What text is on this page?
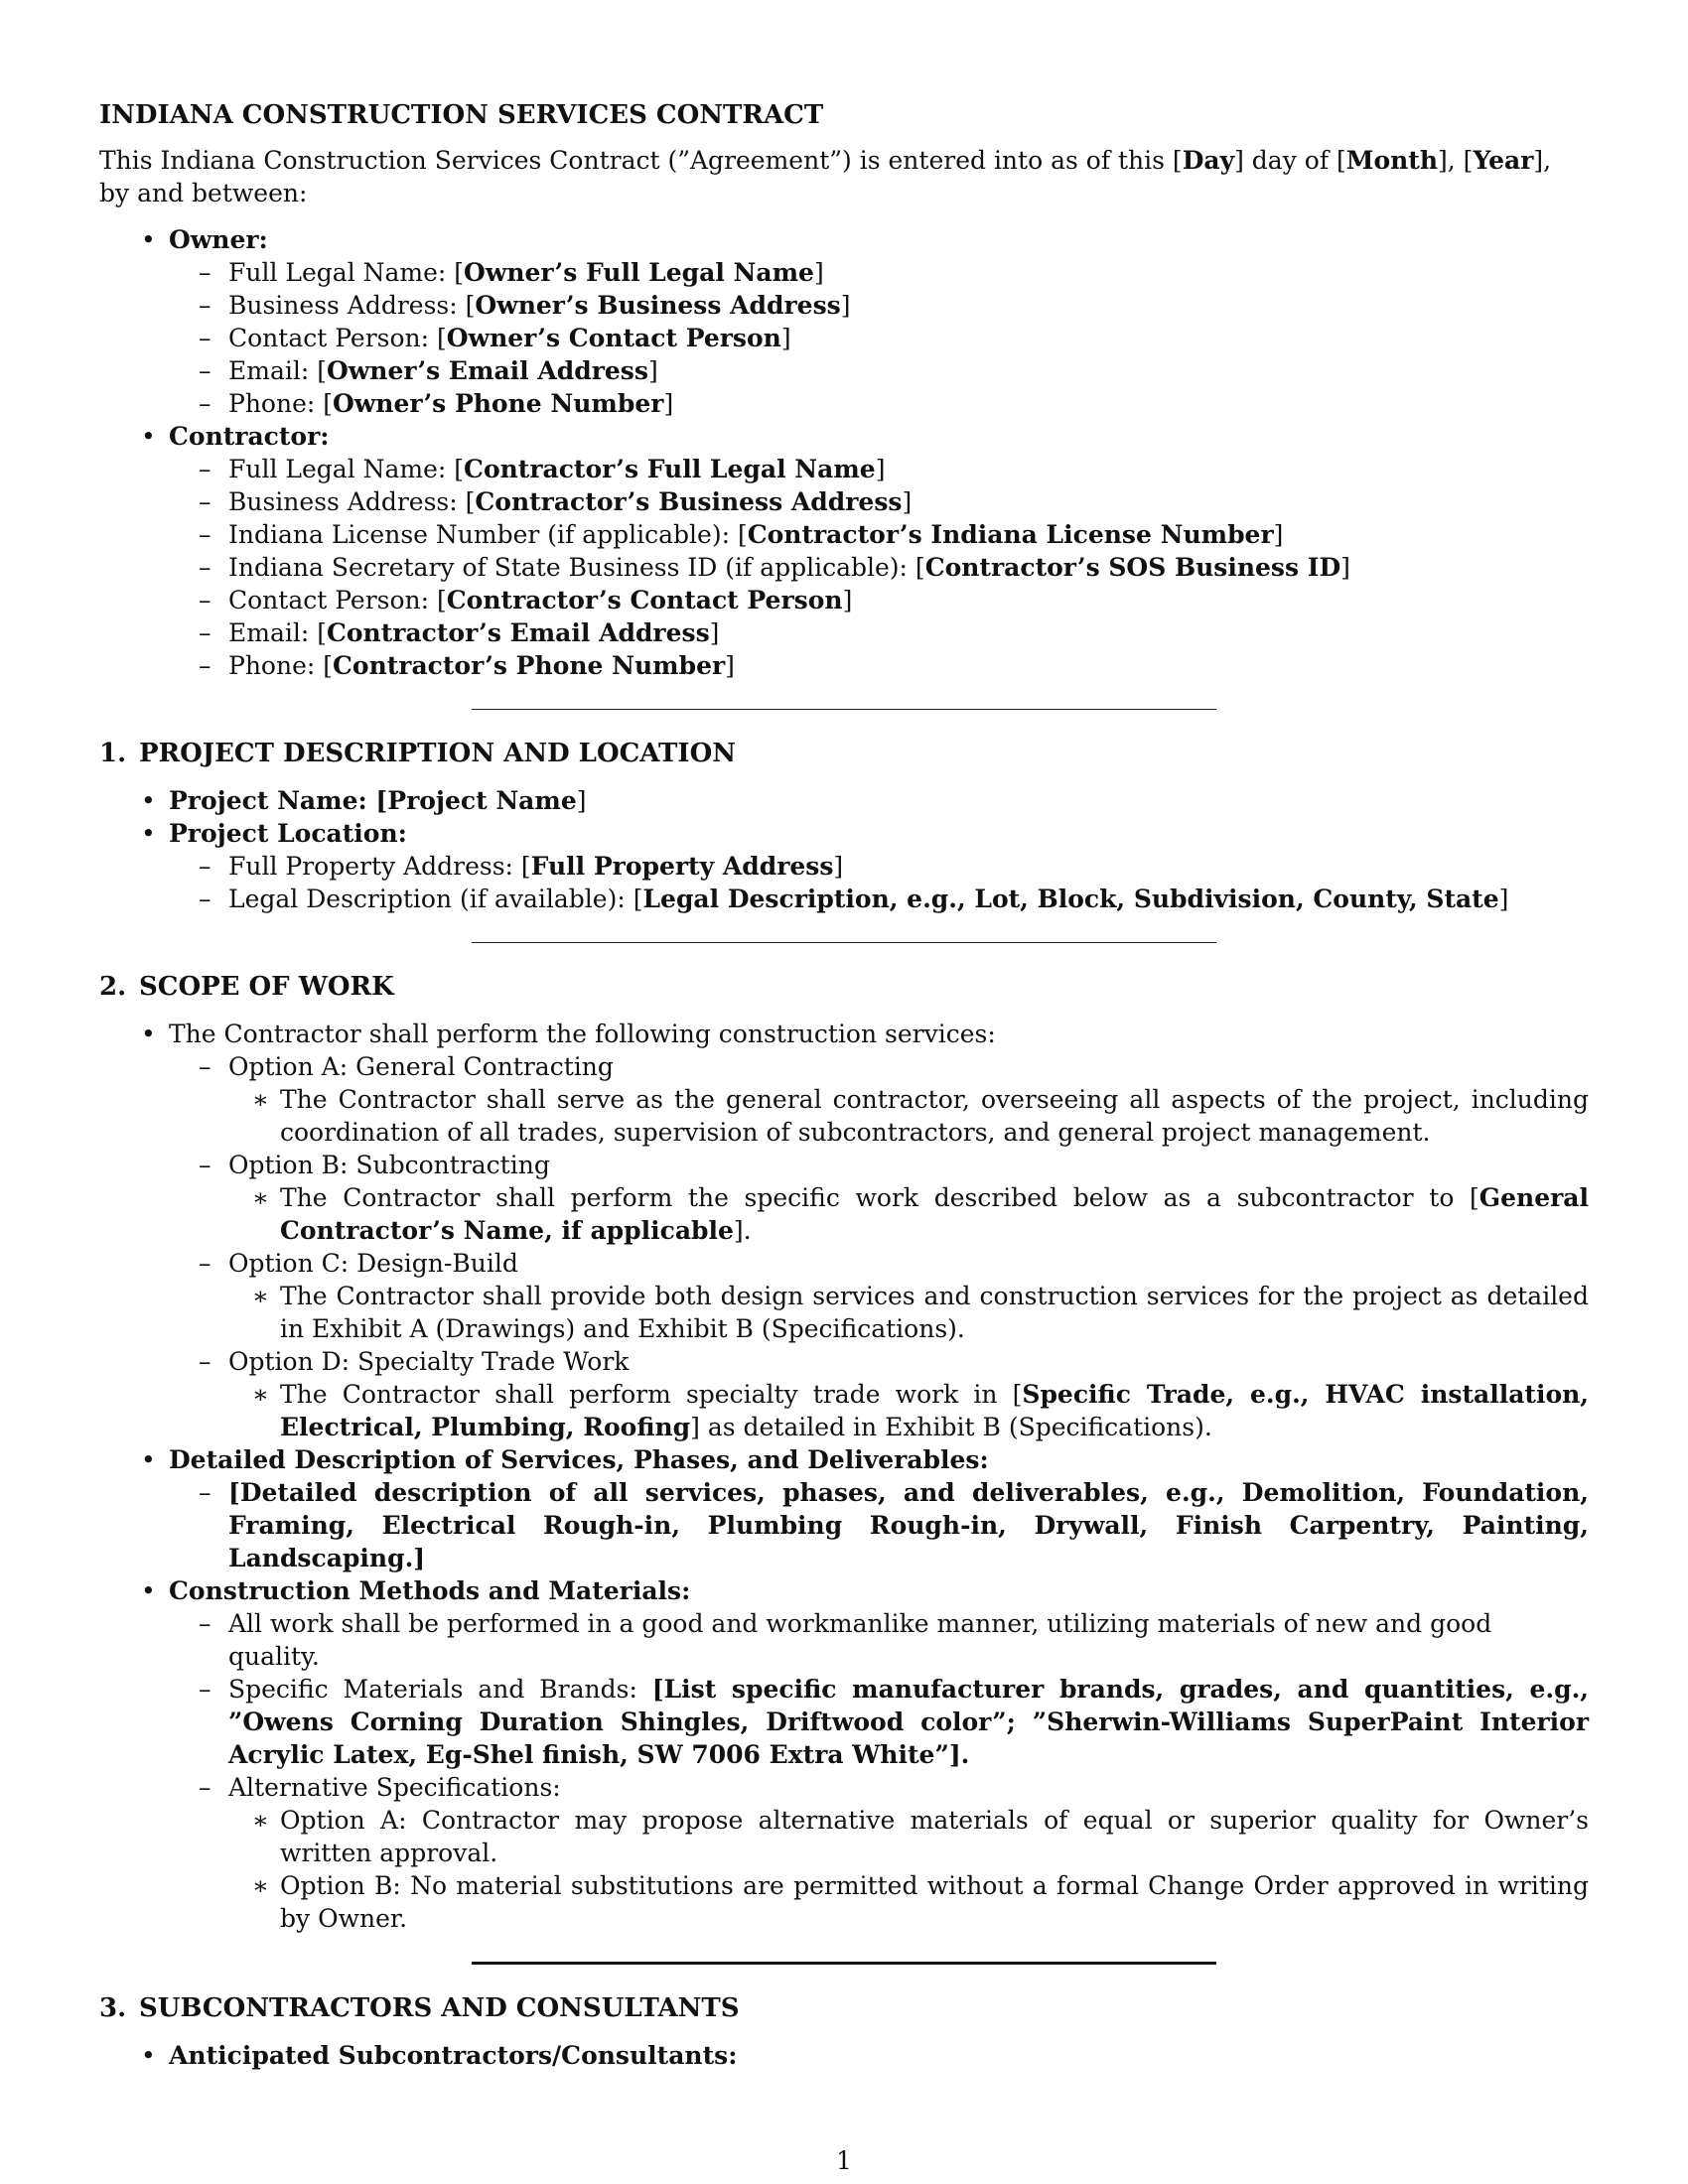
INDIANA CONSTRUCTION SERVICES CONTRACT
This Indiana Construction Services Contract (”Agreement”) is entered into as of this [Day] day of [Month], [Year], by and between:
• Owner:
– Full Legal Name: [Owner’s Full Legal Name]
– Business Address: [Owner’s Business Address]
– Contact Person: [Owner’s Contact Person]
– Email: [Owner’s Email Address]
– Phone: [Owner’s Phone Number]
• Contractor:
– Full Legal Name: [Contractor’s Full Legal Name]
– Business Address: [Contractor’s Business Address]
– Indiana License Number (if applicable): [Contractor’s Indiana License Number]
– Indiana Secretary of State Business ID (if applicable): [Contractor’s SOS Business ID]
– Contact Person: [Contractor’s Contact Person]
– Email: [Contractor’s Email Address]
– Phone: [Contractor’s Phone Number]
1. PROJECT DESCRIPTION AND LOCATION
• Project Name: [Project Name]
• Project Location:
– Full Property Address: [Full Property Address]
– Legal Description (if available): [Legal Description, e.g., Lot, Block, Subdivision, County, State]
2. SCOPE OF WORK
• The Contractor shall perform the following construction services:
– Option A: General Contracting
∗ The Contractor shall serve as the general contractor, overseeing all aspects of the project, including coordination of all trades, supervision of subcontractors, and general project management.
– Option B: Subcontracting
∗ The Contractor shall perform the specific work described below as a subcontractor to [General Contractor’s Name, if applicable].
– Option C: Design-Build
∗ The Contractor shall provide both design services and construction services for the project as detailed in Exhibit A (Drawings) and Exhibit B (Specifications).
– Option D: Specialty Trade Work
∗ The Contractor shall perform specialty trade work in [Specific Trade, e.g., HVAC installation, Electrical, Plumbing, Roofing] as detailed in Exhibit B (Specifications).
• Detailed Description of Services, Phases, and Deliverables:
– [Detailed description of all services, phases, and deliverables, e.g., Demolition, Foundation, Framing, Electrical Rough-in, Plumbing Rough-in, Drywall, Finish Carpentry, Painting, Landscaping.]
• Construction Methods and Materials:
– All work shall be performed in a good and workmanlike manner, utilizing materials of new and good quality.
– Specific Materials and Brands: [List specific manufacturer brands, grades, and quantities, e.g., ”Owens Corning Duration Shingles, Driftwood color”; ”Sherwin-Williams SuperPaint Interior Acrylic Latex, Eg-Shel finish, SW 7006 Extra White”].
– Alternative Specifications:
∗ Option A: Contractor may propose alternative materials of equal or superior quality for Owner’s written approval.
∗ Option B: No material substitutions are permitted without a formal Change Order approved in writing by Owner.
3. SUBCONTRACTORS AND CONSULTANTS
• Anticipated Subcontractors/Consultants:
1
